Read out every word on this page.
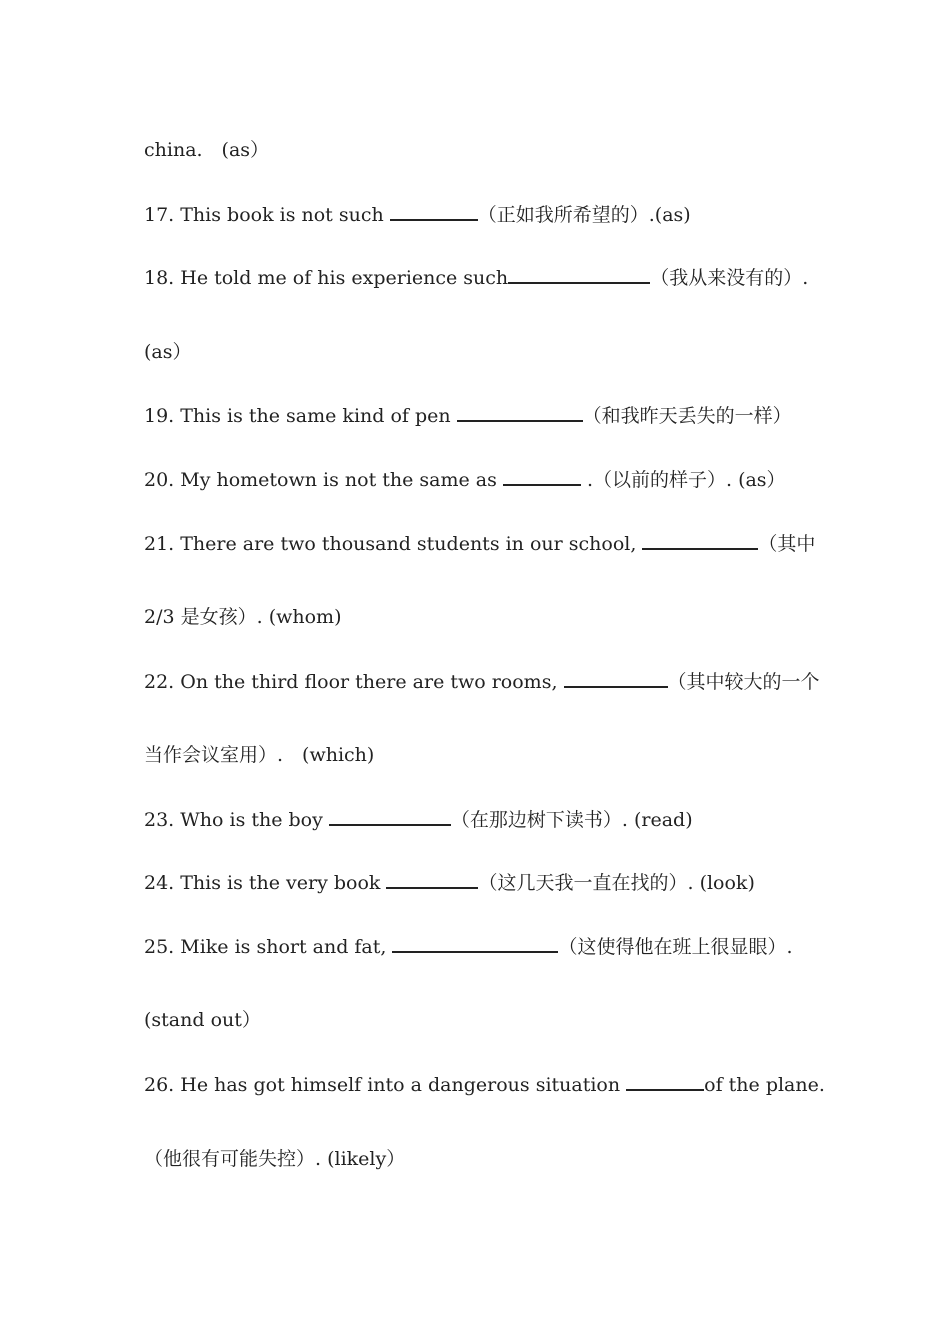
china.　(as）
17. This book is not such	（正如我所希望的）.(as)
18. He told me of his experience such	（我从来没有的）.
(as）
19. This is the same kind of pen	（和我昨天丢失的一样）
20. My hometown is not the same as	.（以前的样子）. (as）
21. There are two thousand students in our school,	（其中
2/3 是女孩）. (whom)
22. On the third floor there are two rooms,	（其中较大的一个
当作会议室用）.　(which)
23. Who is the boy	（在那边树下读书）. (read)
24. This is the very book	（这几天我一直在找的）. (look)
25. Mike is short and fat,	（这使得他在班上很显眼）.
(stand out）
26. He has got himself into a dangerous situation	of the plane.
（他很有可能失控）. (likely）
